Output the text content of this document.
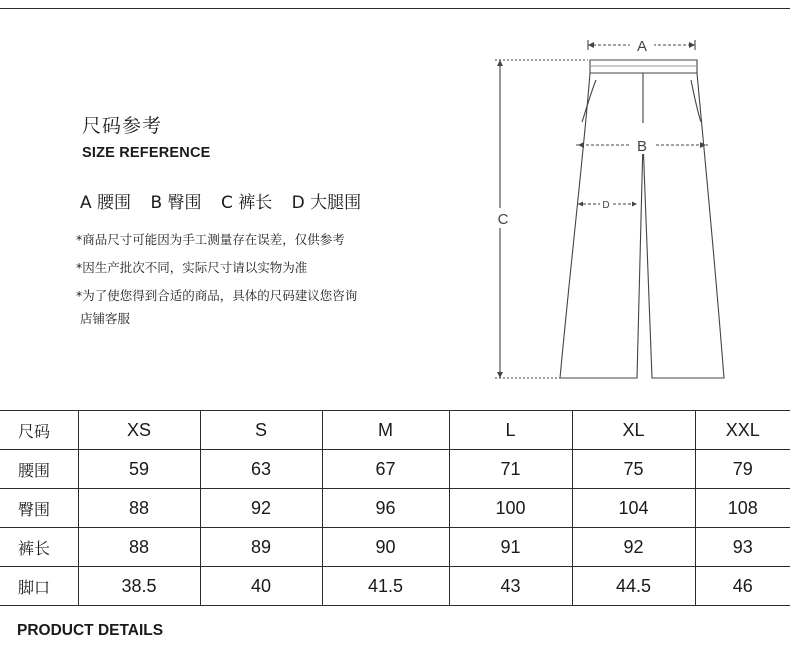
尺码参考
SIZE REFERENCE
A 腰围 B 臀围 C 裤长 D 大腿围
*商品尺寸可能因为手工测量存在误差，仅供参考
*因生产批次不同，实际尺寸请以实物为准
*为了使您得到合适的商品，具体的尺码建议您咨询
店铺客服
A
B
C
D
尺码	XS	S	M	L	XL	XXL
腰围	59	63	67	71	75	79
臀围	88	92	96	100	104	108
裤长	88	89	90	91	92	93
脚口	38.5	40	41.5	43	44.5	46
PRODUCT DETAILS
